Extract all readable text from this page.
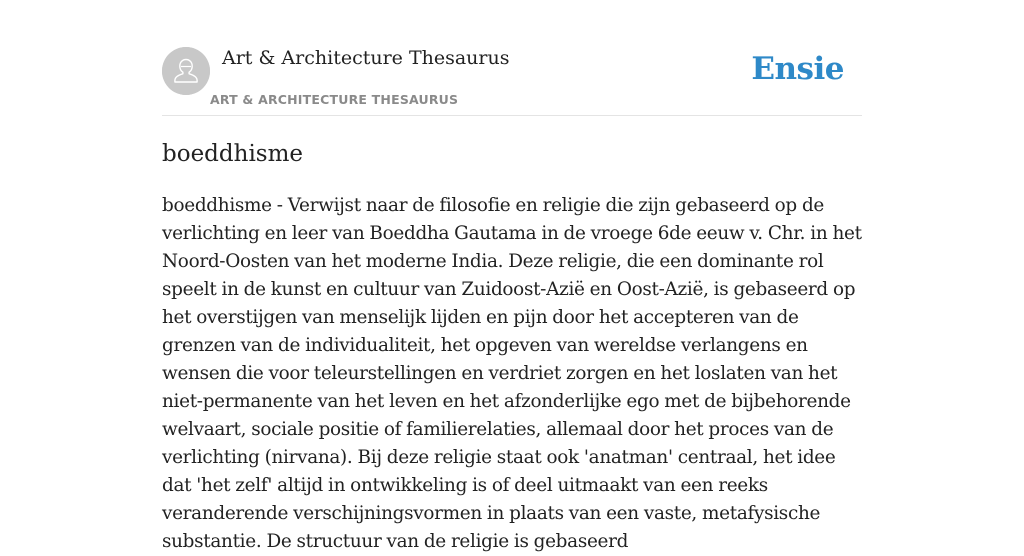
Art & Architecture Thesaurus
ART & ARCHITECTURE THESAURUS
Ensie
boeddhisme

boeddhisme - Verwijst naar de filosofie en religie die zijn gebaseerd op de verlichting en leer van Boeddha Gautama in de vroege 6de eeuw v. Chr. in het Noord-Oosten van het moderne India. Deze religie, die een dominante rol speelt in de kunst en cultuur van Zuidoost-Azië en Oost-Azië, is gebaseerd op het overstijgen van menselijk lijden en pijn door het accepteren van de grenzen van de individualiteit, het opgeven van wereldse verlangens en wensen die voor teleurstellingen en verdriet zorgen en het loslaten van het niet-permanente van het leven en het afzonderlijke ego met de bijbehorende welvaart, sociale positie of familierelaties, allemaal door het proces van de verlichting (nirvana). Bij deze religie staat ook 'anatman' centraal, het idee dat 'het zelf' altijd in ontwikkeling is of deel uitmaakt van een reeks veranderende verschijningsvormen in plaats van een vaste, metafysische substantie. De structuur van de religie is gebaseerd
